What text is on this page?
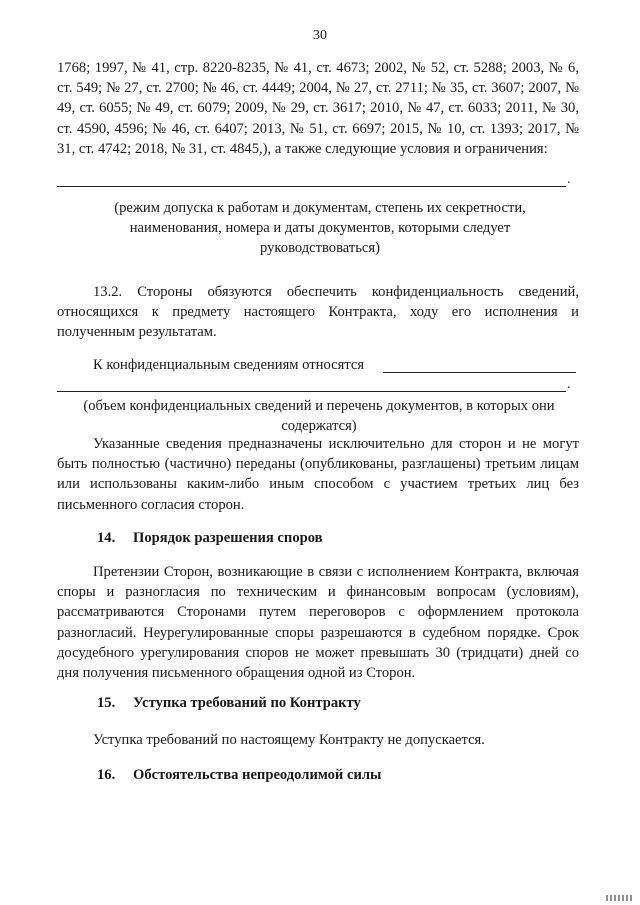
30
1768; 1997, № 41, стр. 8220-8235, № 41, ст. 4673; 2002, № 52, ст. 5288; 2003, № 6, ст. 549; № 27, ст. 2700; № 46, ст. 4449; 2004, № 27, ст. 2711; № 35, ст. 3607; 2007, № 49, ст. 6055; № 49, ст. 6079; 2009, № 29, ст. 3617; 2010, № 47, ст. 6033; 2011, № 30, ст. 4590, 4596; № 46, ст. 6407; 2013, № 51, ст. 6697; 2015, № 10, ст. 1393; 2017, № 31, ст. 4742; 2018, № 31, ст. 4845,), а также следующие условия и ограничения:
.
(режим допуска к работам и документам, степень их секретности, наименования, номера и даты документов, которыми следует руководствоваться)
13.2. Стороны обязуются обеспечить конфиденциальность сведений, относящихся к предмету настоящего Контракта, ходу его исполнения и полученным результатам.
К конфиденциальным сведениям относятся
.
(объем конфиденциальных сведений и перечень документов, в которых они содержатся)
Указанные сведения предназначены исключительно для сторон и не могут быть полностью (частично) переданы (опубликованы, разглашены) третьим лицам или использованы каким-либо иным способом с участием третьих лиц без письменного согласия сторон.
14. Порядок разрешения споров
Претензии Сторон, возникающие в связи с исполнением Контракта, включая споры и разногласия по техническим и финансовым вопросам (условиям), рассматриваются Сторонами путем переговоров с оформлением протокола разногласий. Неурегулированные споры разрешаются в судебном порядке. Срок досудебного урегулирования споров не может превышать 30 (тридцати) дней со дня получения письменного обращения одной из Сторон.
15. Уступка требований по Контракту
Уступка требований по настоящему Контракту не допускается.
16. Обстоятельства непреодолимой силы
